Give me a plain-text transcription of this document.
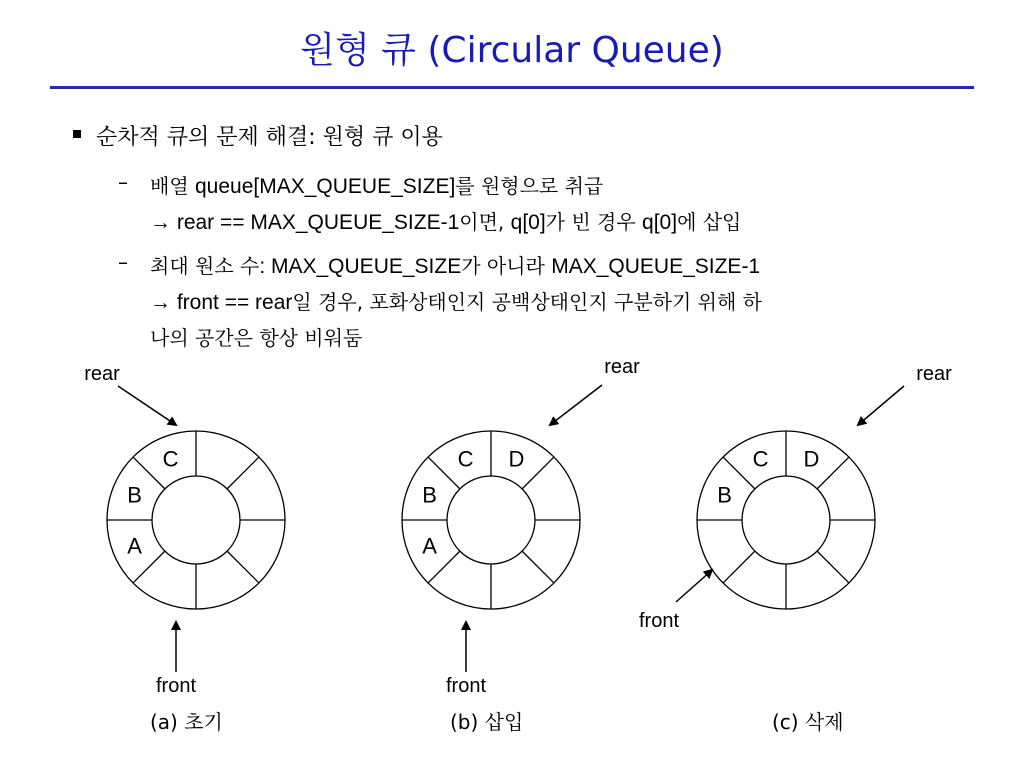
원형 큐 (Circular Queue)
순차적 큐의 문제 해결: 원형 큐 이용
– 배열 queue[MAX_QUEUE_SIZE]를 원형으로 취급
→ rear == MAX_QUEUE_SIZE-1이면, q[0]가 빈 경우 q[0]에 삽입
– 최대 원소 수: MAX_QUEUE_SIZE가 아니라 MAX_QUEUE_SIZE-1
→ front == rear일 경우, 포화상태인지 공백상태인지 구분하기 위해 하
나의 공간은 항상 비워둠
C
B
A
rear
front
C D
B
A
rear
front
C D
B
rear
front
(a) 초기	(b) 삽입	(c) 삭제
